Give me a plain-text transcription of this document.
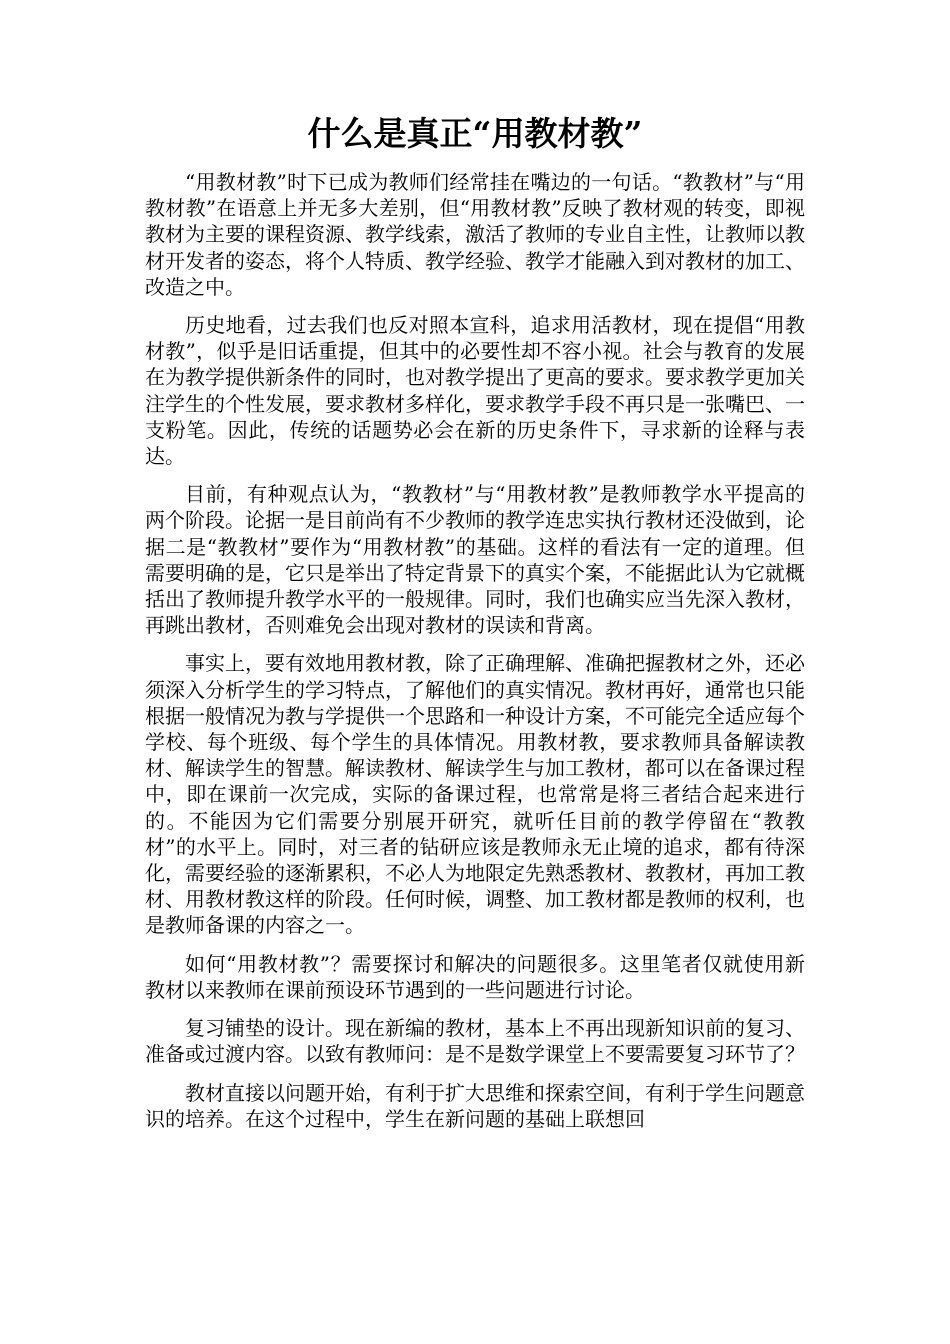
什么是真正“用教材教”

“用教材教”时下已成为教师们经常挂在嘴边的一句话。“教教材”与“用教材教”在语意上并无多大差别，但“用教材教”反映了教材观的转变，即视教材为主要的课程资源、教学线索，激活了教师的专业自主性，让教师以教材开发者的姿态，将个人特质、教学经验、教学才能融入到对教材的加工、改造之中。

历史地看，过去我们也反对照本宣科，追求用活教材，现在提倡“用教材教”，似乎是旧话重提，但其中的必要性却不容小视。社会与教育的发展在为教学提供新条件的同时，也对教学提出了更高的要求。要求教学更加关注学生的个性发展，要求教材多样化，要求教学手段不再只是一张嘴巴、一支粉笔。因此，传统的话题势必会在新的历史条件下，寻求新的诠释与表达。

目前，有种观点认为，“教教材”与“用教材教”是教师教学水平提高的两个阶段。论据一是目前尚有不少教师的教学连忠实执行教材还没做到，论据二是“教教材”要作为“用教材教”的基础。这样的看法有一定的道理。但需要明确的是，它只是举出了特定背景下的真实个案，不能据此认为它就概括出了教师提升教学水平的一般规律。同时，我们也确实应当先深入教材，再跳出教材，否则难免会出现对教材的误读和背离。

事实上，要有效地用教材教，除了正确理解、准确把握教材之外，还必须深入分析学生的学习特点，了解他们的真实情况。教材再好，通常也只能根据一般情况为教与学提供一个思路和一种设计方案，不可能完全适应每个学校、每个班级、每个学生的具体情况。用教材教，要求教师具备解读教材、解读学生的智慧。解读教材、解读学生与加工教材，都可以在备课过程中，即在课前一次完成，实际的备课过程，也常常是将三者结合起来进行的。不能因为它们需要分别展开研究，就听任目前的教学停留在“教教材”的水平上。同时，对三者的钻研应该是教师永无止境的追求，都有待深化，需要经验的逐渐累积，不必人为地限定先熟悉教材、教教材，再加工教材、用教材教这样的阶段。任何时候，调整、加工教材都是教师的权利，也是教师备课的内容之一。

如何“用教材教”？需要探讨和解决的问题很多。这里笔者仅就使用新教材以来教师在课前预设环节遇到的一些问题进行讨论。

复习铺垫的设计。现在新编的教材，基本上不再出现新知识前的复习、准备或过渡内容。以致有教师问：是不是数学课堂上不要需要复习环节了？

教材直接以问题开始，有利于扩大思维和探索空间，有利于学生问题意识的培养。在这个过程中，学生在新问题的基础上联想回
